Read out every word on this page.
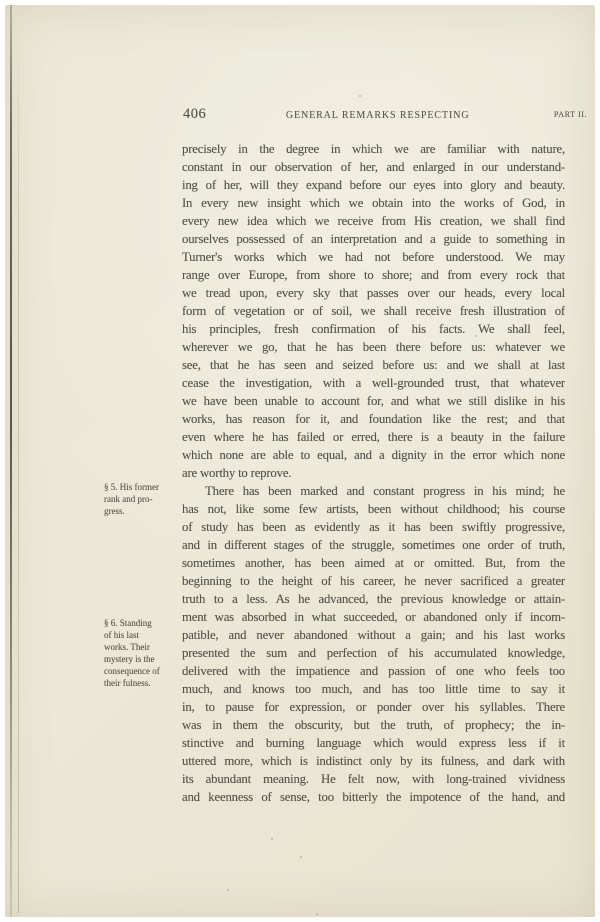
406	GENERAL REMARKS RESPECTING	PART II.
§ 5. His former
rank and pro-
gress.
§ 6. Standing
of his last
works. Their
mystery is the
consequence of
their fulness.
precisely in the degree in which we are familiar with nature,
constant in our observation of her, and enlarged in our understand-
ing of her, will they expand before our eyes into glory and beauty.
In every new insight which we obtain into the works of God, in
every new idea which we receive from His creation, we shall find
ourselves possessed of an interpretation and a guide to something in
Turner's works which we had not before understood. We may
range over Europe, from shore to shore; and from every rock that
we tread upon, every sky that passes over our heads, every local
form of vegetation or of soil, we shall receive fresh illustration of
his principles, fresh confirmation of his facts. We shall feel,
wherever we go, that he has been there before us: whatever we
see, that he has seen and seized before us: and we shall at last
cease the investigation, with a well-grounded trust, that whatever
we have been unable to account for, and what we still dislike in his
works, has reason for it, and foundation like the rest; and that
even where he has failed or erred, there is a beauty in the failure
which none are able to equal, and a dignity in the error which none
are worthy to reprove.
There has been marked and constant progress in his mind; he
has not, like some few artists, been without childhood; his course
of study has been as evidently as it has been swiftly progressive,
and in different stages of the struggle, sometimes one order of truth,
sometimes another, has been aimed at or omitted. But, from the
beginning to the height of his career, he never sacrificed a greater
truth to a less. As he advanced, the previous knowledge or attain-
ment was absorbed in what succeeded, or abandoned only if incom-
patible, and never abandoned without a gain; and his last works
presented the sum and perfection of his accumulated knowledge,
delivered with the impatience and passion of one who feels too
much, and knows too much, and has too little time to say it
in, to pause for expression, or ponder over his syllables. There
was in them the obscurity, but the truth, of prophecy; the in-
stinctive and burning language which would express less if it
uttered more, which is indistinct only by its fulness, and dark with
its abundant meaning. He felt now, with long-trained vividness
and keenness of sense, too bitterly the impotence of the hand, and
